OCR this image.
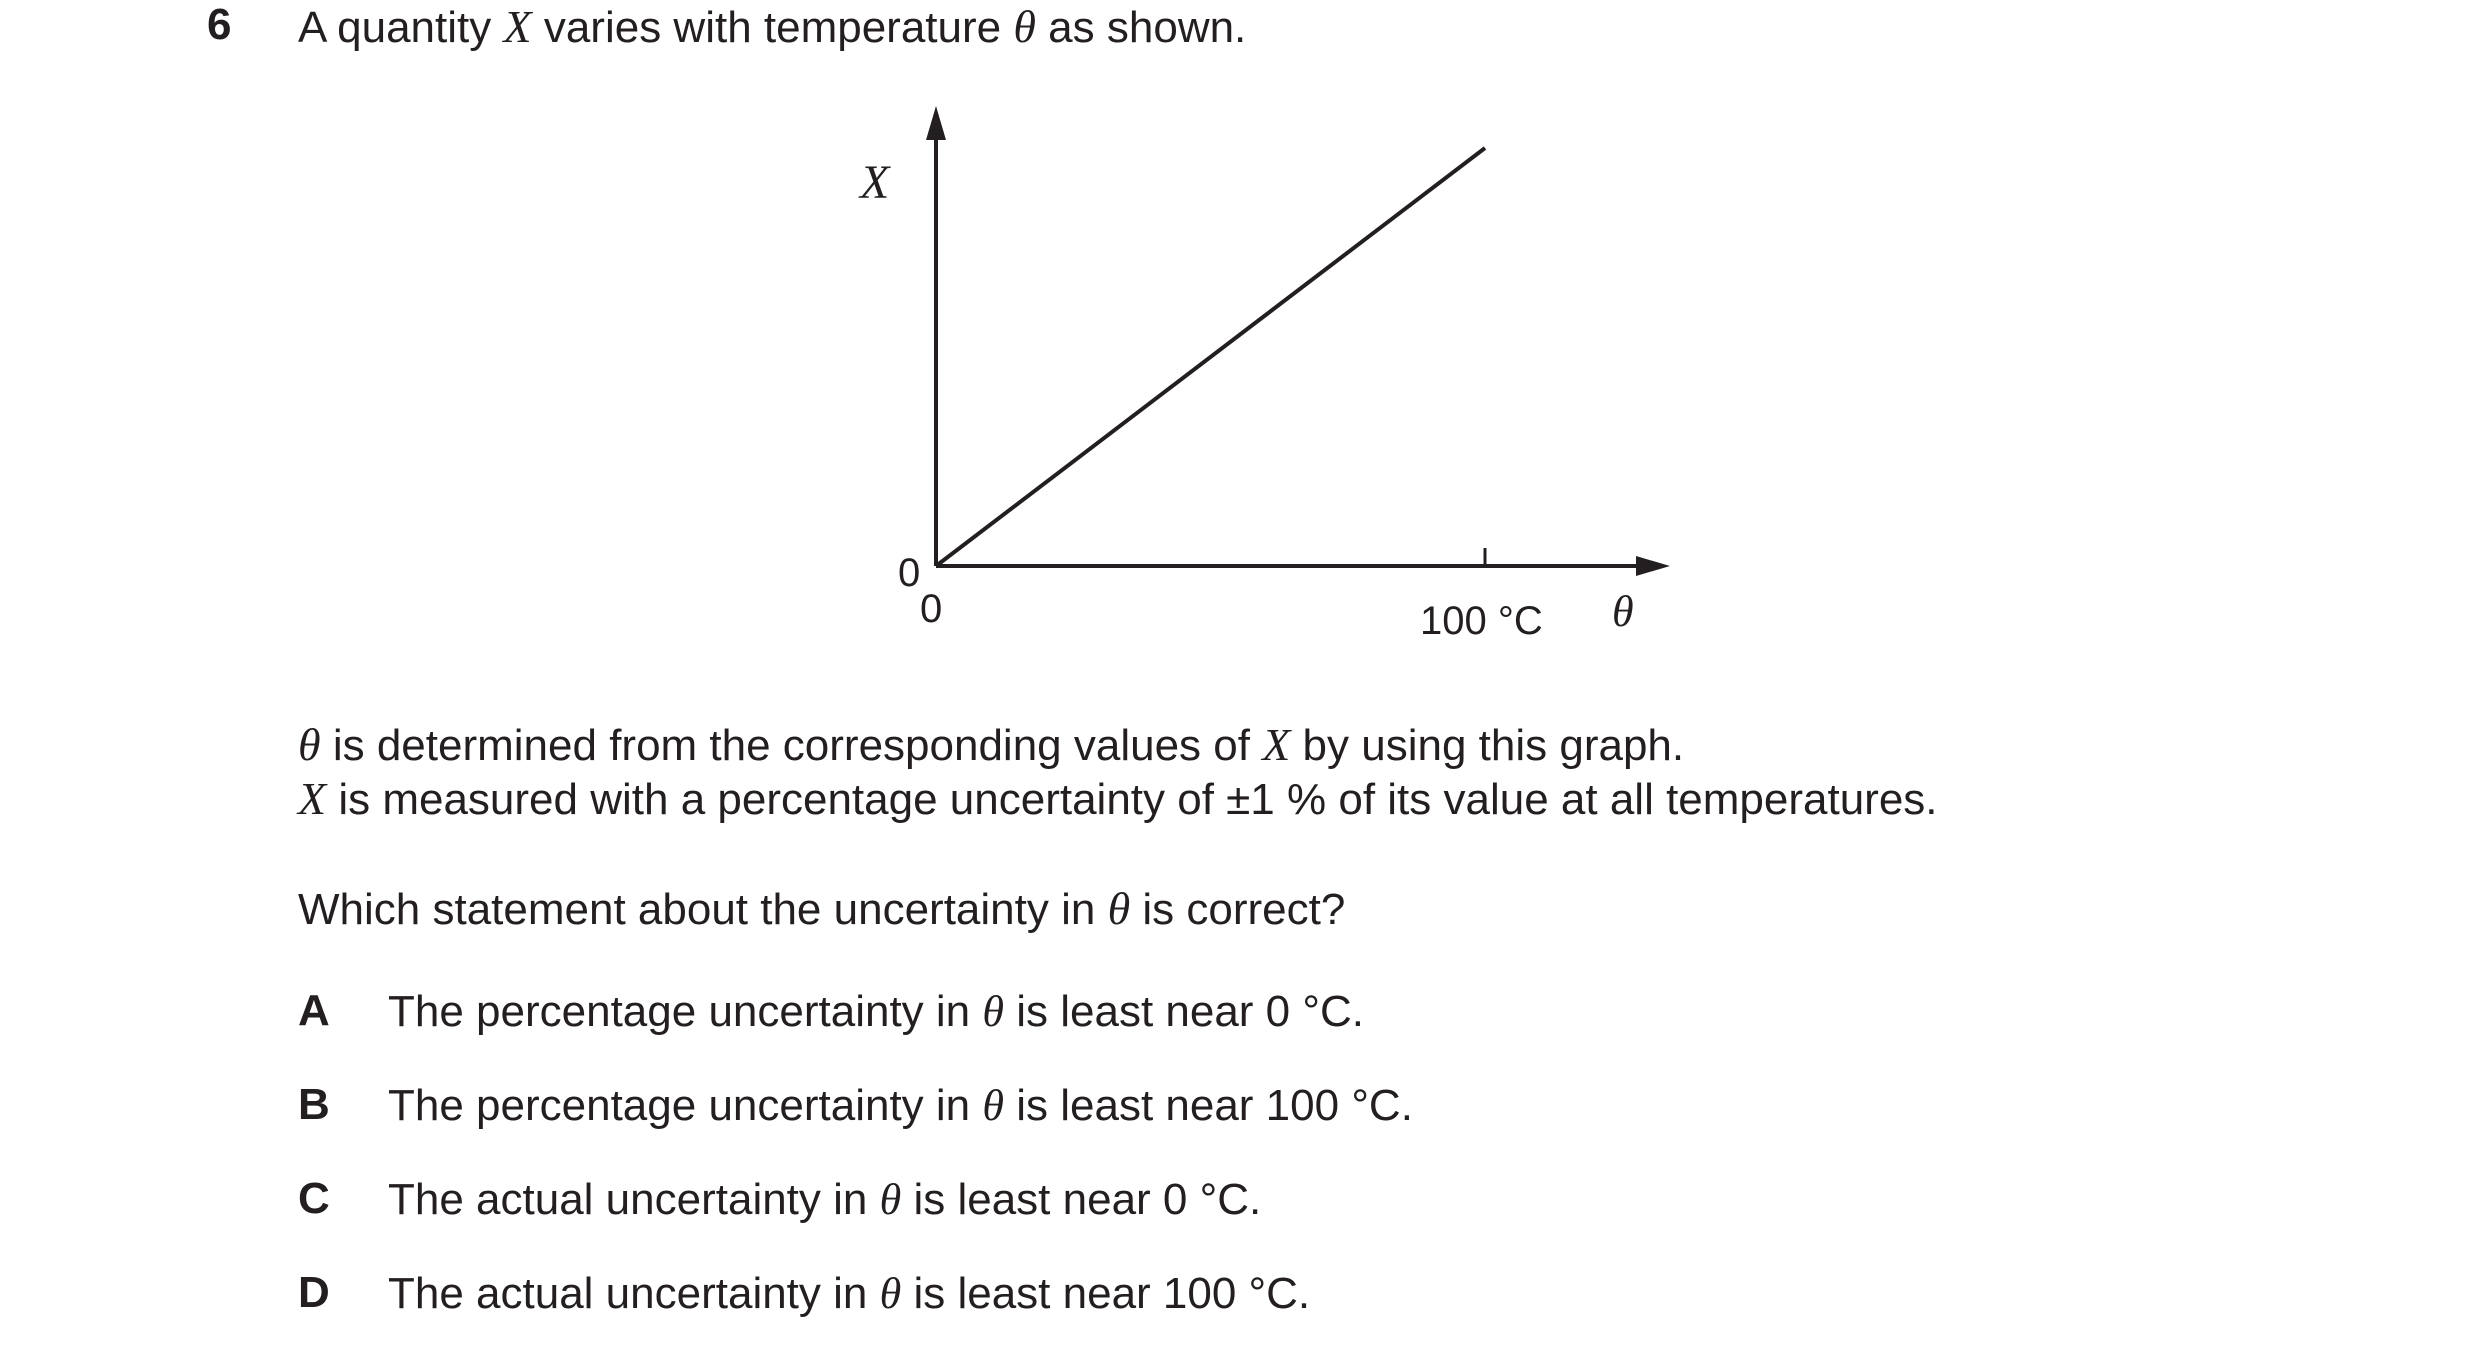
6 A quantity X varies with temperature θ as shown.
X
0
0	100 °C θ
θ is determined from the corresponding values of X by using this graph.
X is measured with a percentage uncertainty of ±1 % of its value at all temperatures.
Which statement about the uncertainty in θ is correct?
A The percentage uncertainty in θ is least near 0 °C.
B The percentage uncertainty in θ is least near 100 °C.
C The actual uncertainty in θ is least near 0 °C.
D The actual uncertainty in θ is least near 100 °C.
